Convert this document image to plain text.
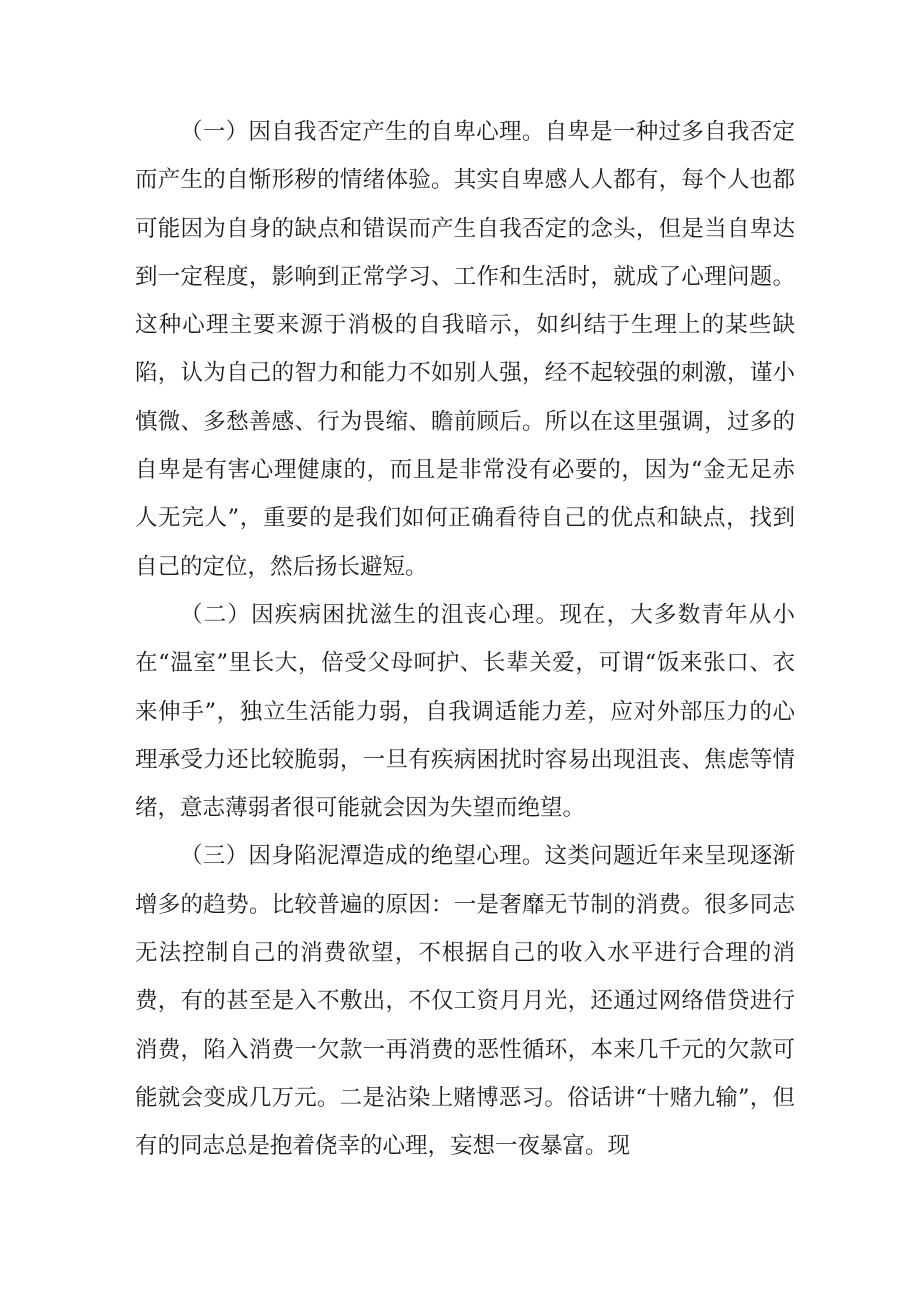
（一）因自我否定产生的自卑心理。自卑是一种过多自我否定而产生的自惭形秽的情绪体验。其实自卑感人人都有，每个人也都可能因为自身的缺点和错误而产生自我否定的念头，但是当自卑达到一定程度，影响到正常学习、工作和生活时，就成了心理问题。这种心理主要来源于消极的自我暗示，如纠结于生理上的某些缺陷，认为自己的智力和能力不如别人强，经不起较强的刺激，谨小慎微、多愁善感、行为畏缩、瞻前顾后。所以在这里强调，过多的自卑是有害心理健康的，而且是非常没有必要的，因为“金无足赤人无完人”，重要的是我们如何正确看待自己的优点和缺点，找到自己的定位，然后扬长避短。

（二）因疾病困扰滋生的沮丧心理。现在，大多数青年从小在“温室”里长大，倍受父母呵护、长辈关爱，可谓“饭来张口、衣来伸手”，独立生活能力弱，自我调适能力差，应对外部压力的心理承受力还比较脆弱，一旦有疾病困扰时容易出现沮丧、焦虑等情绪，意志薄弱者很可能就会因为失望而绝望。

（三）因身陷泥潭造成的绝望心理。这类问题近年来呈现逐渐增多的趋势。比较普遍的原因：一是奢靡无节制的消费。很多同志无法控制自己的消费欲望，不根据自己的收入水平进行合理的消费，有的甚至是入不敷出，不仅工资月月光，还通过网络借贷进行消费，陷入消费一欠款一再消费的恶性循环，本来几千元的欠款可能就会变成几万元。二是沾染上赌博恶习。俗话讲“十赌九输”，但有的同志总是抱着侥幸的心理，妄想一夜暴富。现
